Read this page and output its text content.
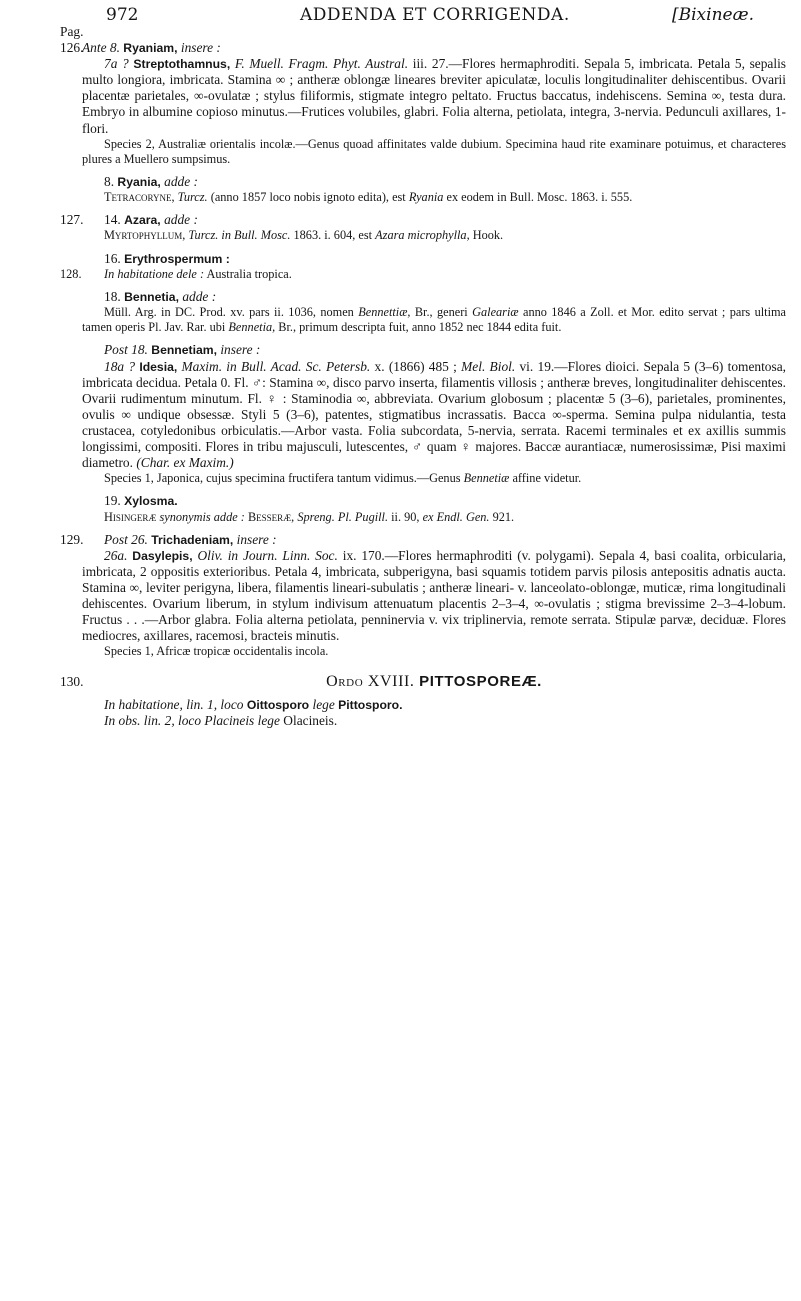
972	ADDENDA ET CORRIGENDA.	[Bixineæ.

Pag.

126.Ante 8. Ryaniam, insere :

7a ? Streptothamnus, F. Muell. Fragm. Phyt. Austral. iii. 27.—Flores hermaphroditi. Sepala 5, imbricata. Petala 5, sepalis multo longiora, imbricata. Stamina ∞ ; antheræ oblongæ lineares breviter apiculatæ, loculis longitudinaliter dehiscentibus. Ovarii placentæ parietales, ∞-ovulatæ ; stylus filiformis, stigmate integro peltato. Fructus baccatus, indehiscens. Semina ∞, testa dura. Embryo in albumine copioso minutus.—Frutices volubiles, glabri. Folia alterna, petiolata, integra, 3-nervia. Pedunculi axillares, 1-flori.

Species 2, Australiæ orientalis incolæ.—Genus quoad affinitates valde dubium. Specimina haud rite examinare potuimus, et characteres plures a Muellero sumpsimus.

8. Ryania, adde :

Tetracoryne, Turcz. (anno 1857 loco nobis ignoto edita), est Ryania ex eodem in Bull. Mosc. 1863. i. 555.

127. 14. Azara, adde :

Myrtophyllum, Turcz. in Bull. Mosc. 1863. i. 604, est Azara microphylla, Hook.

16. Erythrospermum :

128. In habitatione dele : Australia tropica.

18. Bennetia, adde :

Müll. Arg. in DC. Prod. xv. pars ii. 1036, nomen Bennettiæ, Br., generi Galeariæ anno 1846 a Zoll. et Mor. edito servat ; pars ultima tamen operis Pl. Jav. Rar. ubi Bennetia, Br., primum descripta fuit, anno 1852 nec 1844 edita fuit.

Post 18. Bennetiam, insere :

18a ? Idesia, Maxim. in Bull. Acad. Sc. Petersb. x. (1866) 485 ; Mel. Biol. vi. 19.—Flores dioici. Sepala 5 (3–6) tomentosa, imbricata decidua. Petala 0. Fl. ♂: Stamina ∞, disco parvo inserta, filamentis villosis ; antheræ breves, longitudinaliter dehiscentes. Ovarii rudimentum minutum. Fl. ♀ : Staminodia ∞, abbreviata. Ovarium globosum ; placentæ 5 (3–6), parietales, prominentes, ovulis ∞ undique obsessæ. Styli 5 (3–6), patentes, stigmatibus incrassatis. Bacca ∞-sperma. Semina pulpa nidulantia, testa crustacea, cotyledonibus orbiculatis.—Arbor vasta. Folia subcordata, 5-nervia, serrata. Racemi terminales et ex axillis summis longissimi, compositi. Flores in tribu majusculi, lutescentes, ♂ quam ♀ majores. Baccæ aurantiacæ, numerosissimæ, Pisi maximi diametro. (Char. ex Maxim.)

Species 1, Japonica, cujus specimina fructifera tantum vidimus.—Genus Bennetiæ affine videtur.

19. Xylosma.

Hisingeræ synonymis adde : Besseræ, Spreng. Pl. Pugill. ii. 90, ex Endl. Gen. 921.

129. Post 26. Trichadeniam, insere :

26a. Dasylepis, Oliv. in Journ. Linn. Soc. ix. 170.—Flores hermaphroditi (v. polygami). Sepala 4, basi coalita, orbicularia, imbricata, 2 oppositis exterioribus. Petala 4, imbricata, subperigyna, basi squamis totidem parvis pilosis antepositis adnatis aucta. Stamina ∞, leviter perigyna, libera, filamentis lineari-subulatis ; antheræ lineari- v. lanceolato-oblongæ, muticæ, rima longitudinali dehiscentes. Ovarium liberum, in stylum indivisum attenuatum placentis 2–3–4, ∞-ovulatis ; stigma brevissime 2–3–4-lobum. Fructus . . .—Arbor glabra. Folia alterna petiolata, penninervia v. vix triplinervia, remote serrata. Stipulæ parvæ, deciduæ. Flores mediocres, axillares, racemosi, bracteis minutis.

Species 1, Africæ tropicæ occidentalis incola.

130.	Ordo XVIII. PITTOSPOREÆ.

In habitatione, lin. 1, loco Oittosporo lege Pittosporo.

In obs. lin. 2, loco Placineis lege Olacineis.
